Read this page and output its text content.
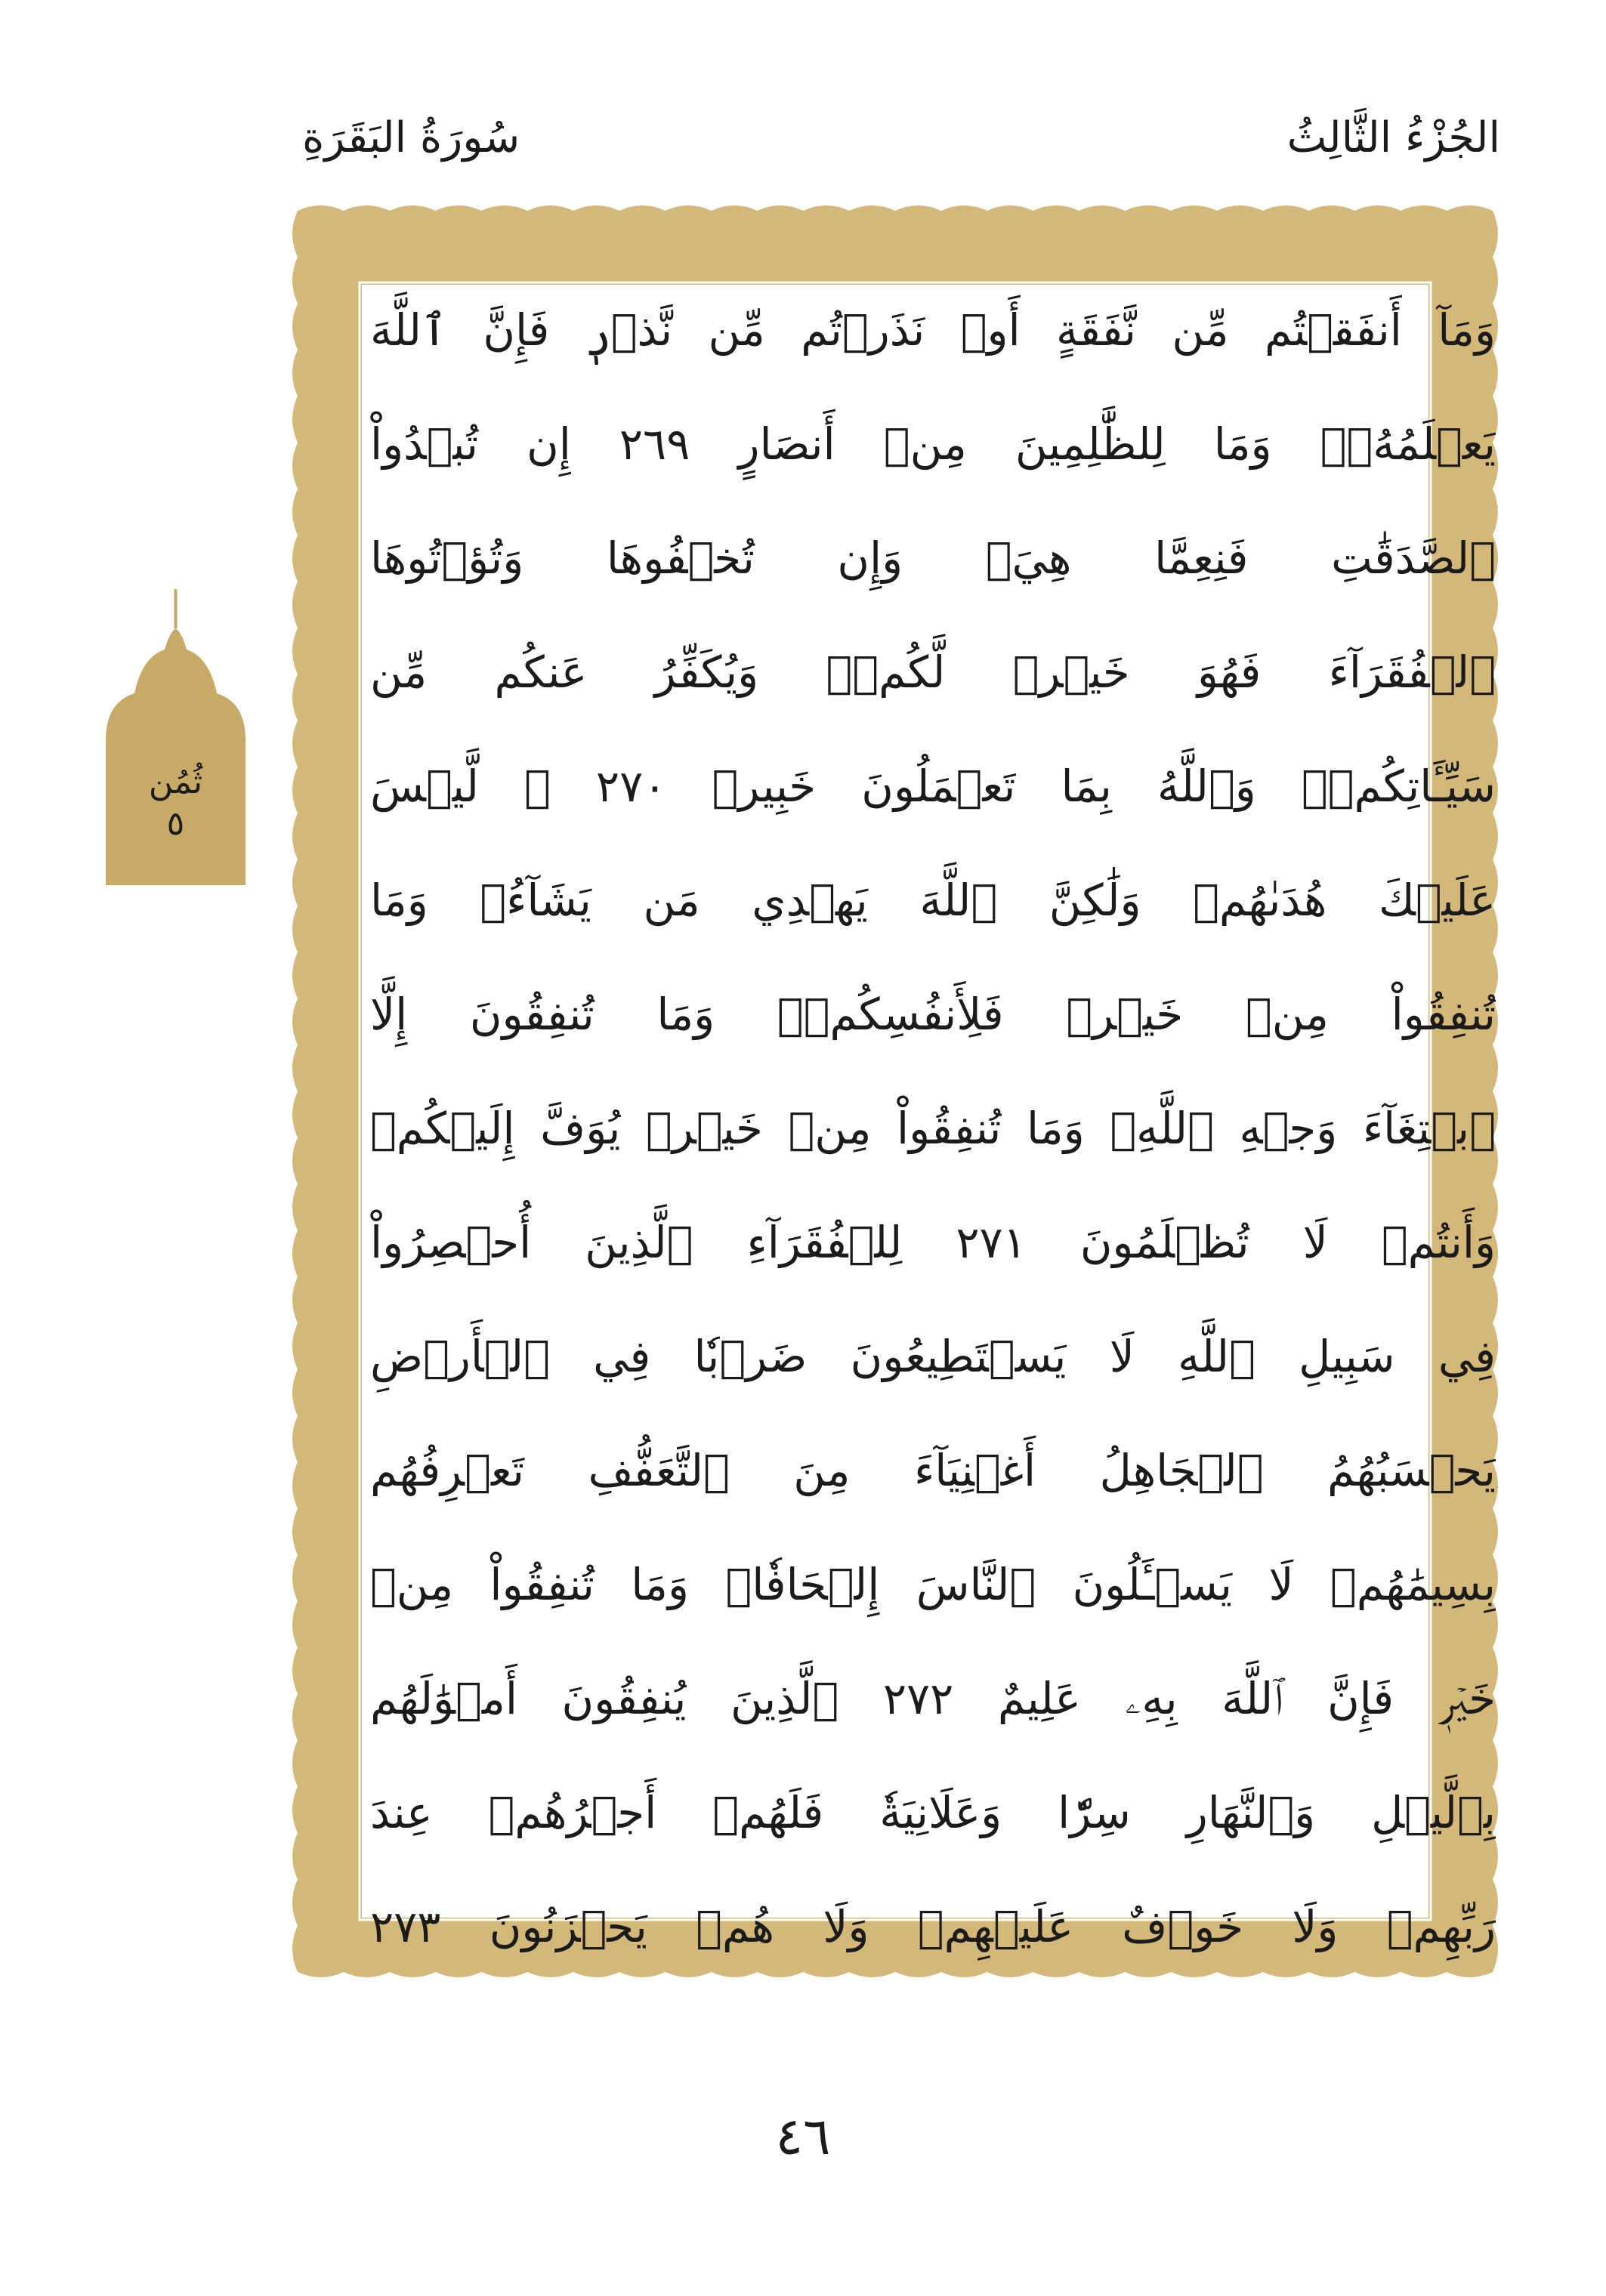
الجُزْءُ الثَّالِثُ
سُورَةُ البَقَرَةِ
وَمَآ أَنفَقۡتُم مِّن نَّفَقَةٍ أَوۡ نَذَرۡتُم مِّن نَّذۡرٖ فَإِنَّ ٱللَّهَ
يَعۡلَمُهُۥۗ وَمَا لِلظَّٰلِمِينَ مِنۡ أَنصَارٍ ٢٦٩ إِن تُبۡدُواْ
ٱلصَّدَقَٰتِ فَنِعِمَّا هِيَۖ وَإِن تُخۡفُوهَا وَتُؤۡتُوهَا
ٱلۡفُقَرَآءَ فَهُوَ خَيۡرٞ لَّكُمۡۚ وَيُكَفِّرُ عَنكُم مِّن
سَيِّـَٔاتِكُمۡۗ وَٱللَّهُ بِمَا تَعۡمَلُونَ خَبِيرٞ ٢٧٠ ۞ لَّيۡسَ
عَلَيۡكَ هُدَىٰهُمۡ وَلَٰكِنَّ ٱللَّهَ يَهۡدِي مَن يَشَآءُۗ وَمَا
تُنفِقُواْ مِنۡ خَيۡرٖ فَلِأَنفُسِكُمۡۚ وَمَا تُنفِقُونَ إِلَّا
ٱبۡتِغَآءَ وَجۡهِ ٱللَّهِۚ وَمَا تُنفِقُواْ مِنۡ خَيۡرٖ يُوَفَّ إِلَيۡكُمۡ
وَأَنتُمۡ لَا تُظۡلَمُونَ ٢٧١ لِلۡفُقَرَآءِ ٱلَّذِينَ أُحۡصِرُواْ
فِي سَبِيلِ ٱللَّهِ لَا يَسۡتَطِيعُونَ ضَرۡبٗا فِي ٱلۡأَرۡضِ
يَحۡسَبُهُمُ ٱلۡجَاهِلُ أَغۡنِيَآءَ مِنَ ٱلتَّعَفُّفِ تَعۡرِفُهُم
بِسِيمَٰهُمۡ لَا يَسۡـَٔلُونَ ٱلنَّاسَ إِلۡحَافٗاۗ وَمَا تُنفِقُواْ مِنۡ
خَيۡرٖ فَإِنَّ ٱللَّهَ بِهِۦ عَلِيمٌ ٢٧٢ ٱلَّذِينَ يُنفِقُونَ أَمۡوَٰلَهُم
بِٱلَّيۡلِ وَٱلنَّهَارِ سِرّٗا وَعَلَانِيَةٗ فَلَهُمۡ أَجۡرُهُمۡ عِندَ
رَبِّهِمۡ وَلَا خَوۡفٌ عَلَيۡهِمۡ وَلَا هُمۡ يَحۡزَنُونَ ٢٧٣
ثُمُن
٥
٤٦
